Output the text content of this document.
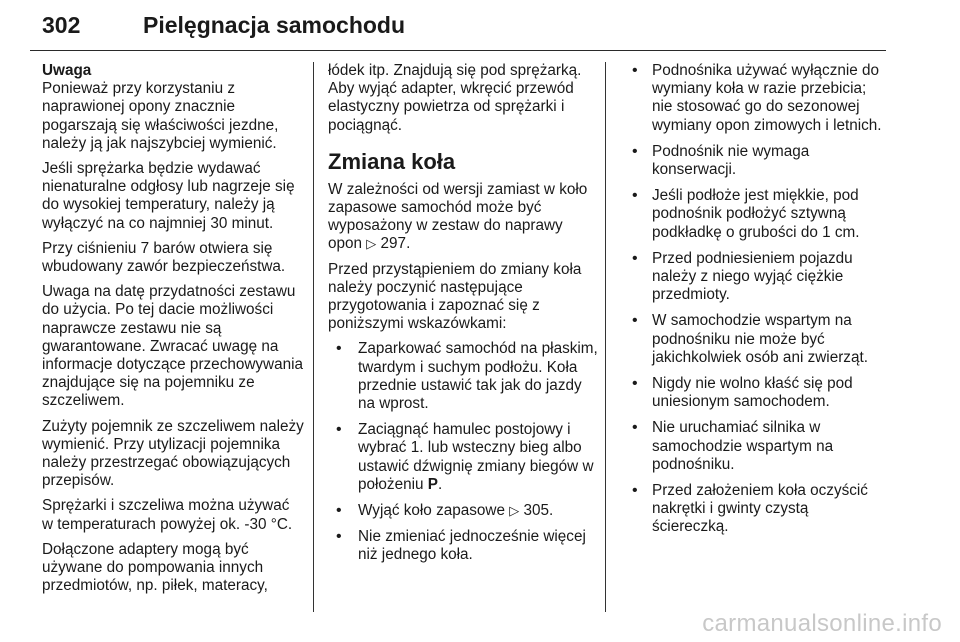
302	Pielęgnacja samochodu

Uwaga

Ponieważ przy korzystaniu z naprawionej opony znacznie pogarszają się właściwości jezdne, należy ją jak najszybciej wymienić.

Jeśli sprężarka będzie wydawać nienaturalne odgłosy lub nagrzeje się do wysokiej temperatury, należy ją wyłączyć na co najmniej 30 minut.

Przy ciśnieniu 7 barów otwiera się wbudowany zawór bezpieczeństwa.

Uwaga na datę przydatności zestawu do użycia. Po tej dacie możliwości naprawcze zestawu nie są gwarantowane. Zwracać uwagę na informacje dotyczące przechowywania znajdujące się na pojemniku ze szczeliwem.

Zużyty pojemnik ze szczeliwem należy wymienić. Przy utylizacji pojemnika należy przestrzegać obowiązujących przepisów.

Sprężarki i szczeliwa można używać w temperaturach powyżej ok. -30 °C.

Dołączone adaptery mogą być używane do pompowania innych przedmiotów, np. piłek, materacy,

łódek itp. Znajdują się pod sprężarką. Aby wyjąć adapter, wkręcić przewód elastyczny powietrza od sprężarki i pociągnąć.

Zmiana koła

W zależności od wersji zamiast w koło zapasowe samochód może być wyposażony w zestaw do naprawy opon ▷ 297.

Przed przystąpieniem do zmiany koła należy poczynić następujące przygotowania i zapoznać się z poniższymi wskazówkami:

• Zaparkować samochód na płaskim, twardym i suchym podłożu. Koła przednie ustawić tak jak do jazdy na wprost.
• Zaciągnąć hamulec postojowy i wybrać 1. lub wsteczny bieg albo ustawić dźwignię zmiany biegów w położeniu P.
• Wyjąć koło zapasowe ▷ 305.
• Nie zmieniać jednocześnie więcej niż jednego koła.
• Podnośnika używać wyłącznie do wymiany koła w razie przebicia; nie stosować go do sezonowej wymiany opon zimowych i letnich.
• Podnośnik nie wymaga konserwacji.
• Jeśli podłoże jest miękkie, pod podnośnik podłożyć sztywną podkładkę o grubości do 1 cm.
• Przed podniesieniem pojazdu należy z niego wyjąć ciężkie przedmioty.
• W samochodzie wspartym na podnośniku nie może być jakichkolwiek osób ani zwierząt.
• Nigdy nie wolno kłaść się pod uniesionym samochodem.
• Nie uruchamiać silnika w samochodzie wspartym na podnośniku.
• Przed założeniem koła oczyścić nakrętki i gwinty czystą ściereczką.
carmanualsonline.info
